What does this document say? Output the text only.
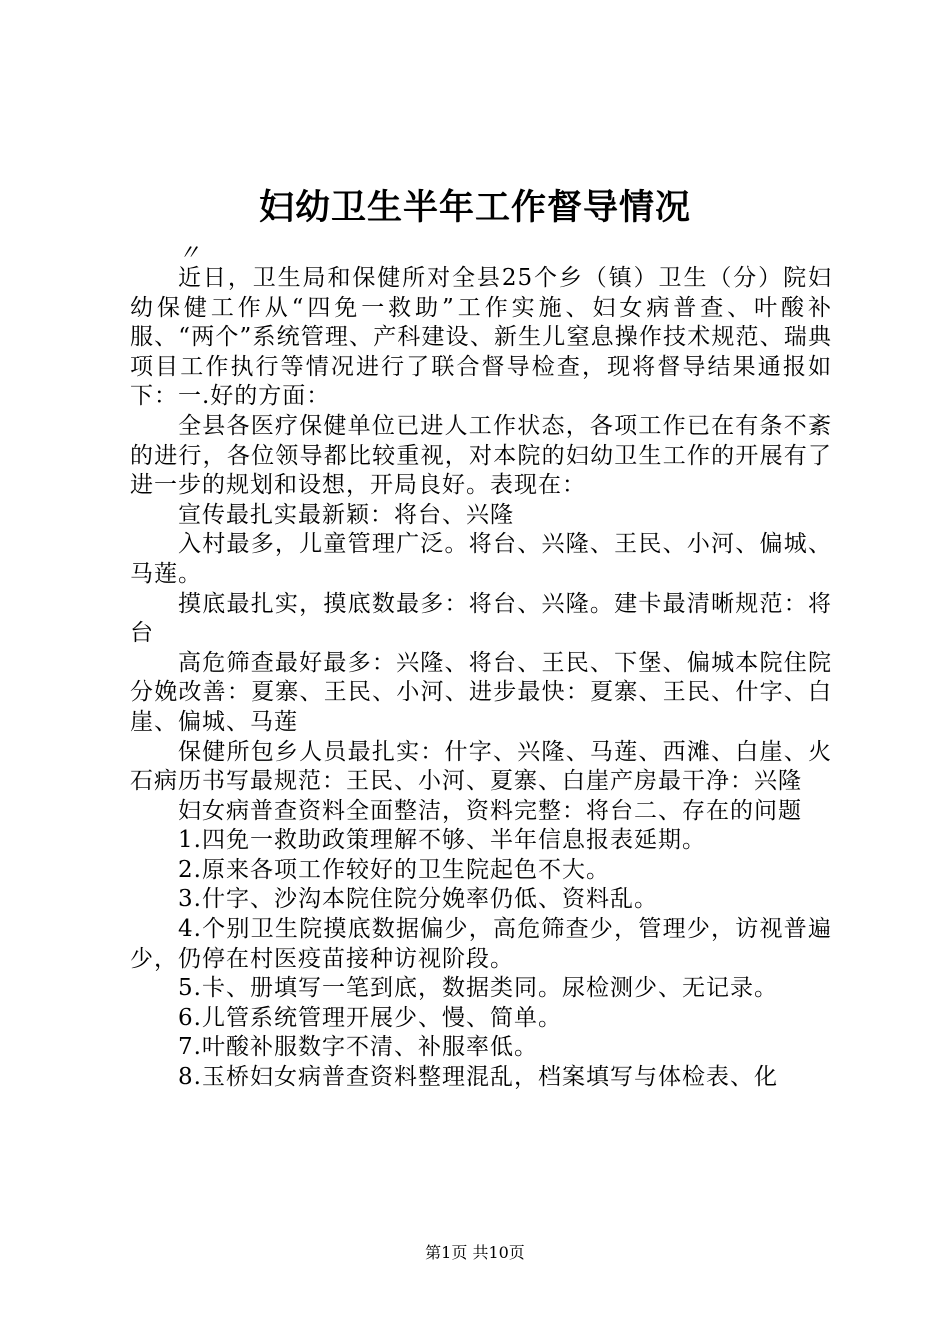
妇幼卫生半年工作督导情况
〃

近日，卫生局和保健所对全县25个乡（镇）卫生（分）院妇幼保健工作从“四免一救助”工作实施、妇女病普查、叶酸补服、“两个”系统管理、产科建设、新生儿窒息操作技术规范、瑞典项目工作执行等情况进行了联合督导检查，现将督导结果通报如下：一.好的方面：

全县各医疗保健单位已进人工作状态，各项工作已在有条不紊的进行，各位领导都比较重视，对本院的妇幼卫生工作的开展有了进一步的规划和设想，开局良好。表现在：

宣传最扎实最新颖：将台、兴隆

入村最多，儿童管理广泛。将台、兴隆、王民、小河、偏城、马莲。

摸底最扎实，摸底数最多：将台、兴隆。建卡最清晰规范：将台

高危筛查最好最多：兴隆、将台、王民、下堡、偏城本院住院分娩改善：夏寨、王民、小河、进步最快：夏寨、王民、什字、白崖、偏城、马莲

保健所包乡人员最扎实：什字、兴隆、马莲、西滩、白崖、火石病历书写最规范：王民、小河、夏寨、白崖产房最干净：兴隆

妇女病普查资料全面整洁，资料完整：将台二、存在的问题

1.四免一救助政策理解不够、半年信息报表延期。

2.原来各项工作较好的卫生院起色不大。

3.什字、沙沟本院住院分娩率仍低、资料乱。

4.个别卫生院摸底数据偏少，高危筛查少，管理少，访视普遍少，仍停在村医疫苗接种访视阶段。

5.卡、册填写一笔到底，数据类同。尿检测少、无记录。

6.儿管系统管理开展少、慢、简单。

7.叶酸补服数字不清、补服率低。

8.玉桥妇女病普查资料整理混乱，档案填写与体检表、化

第1页 共10页
